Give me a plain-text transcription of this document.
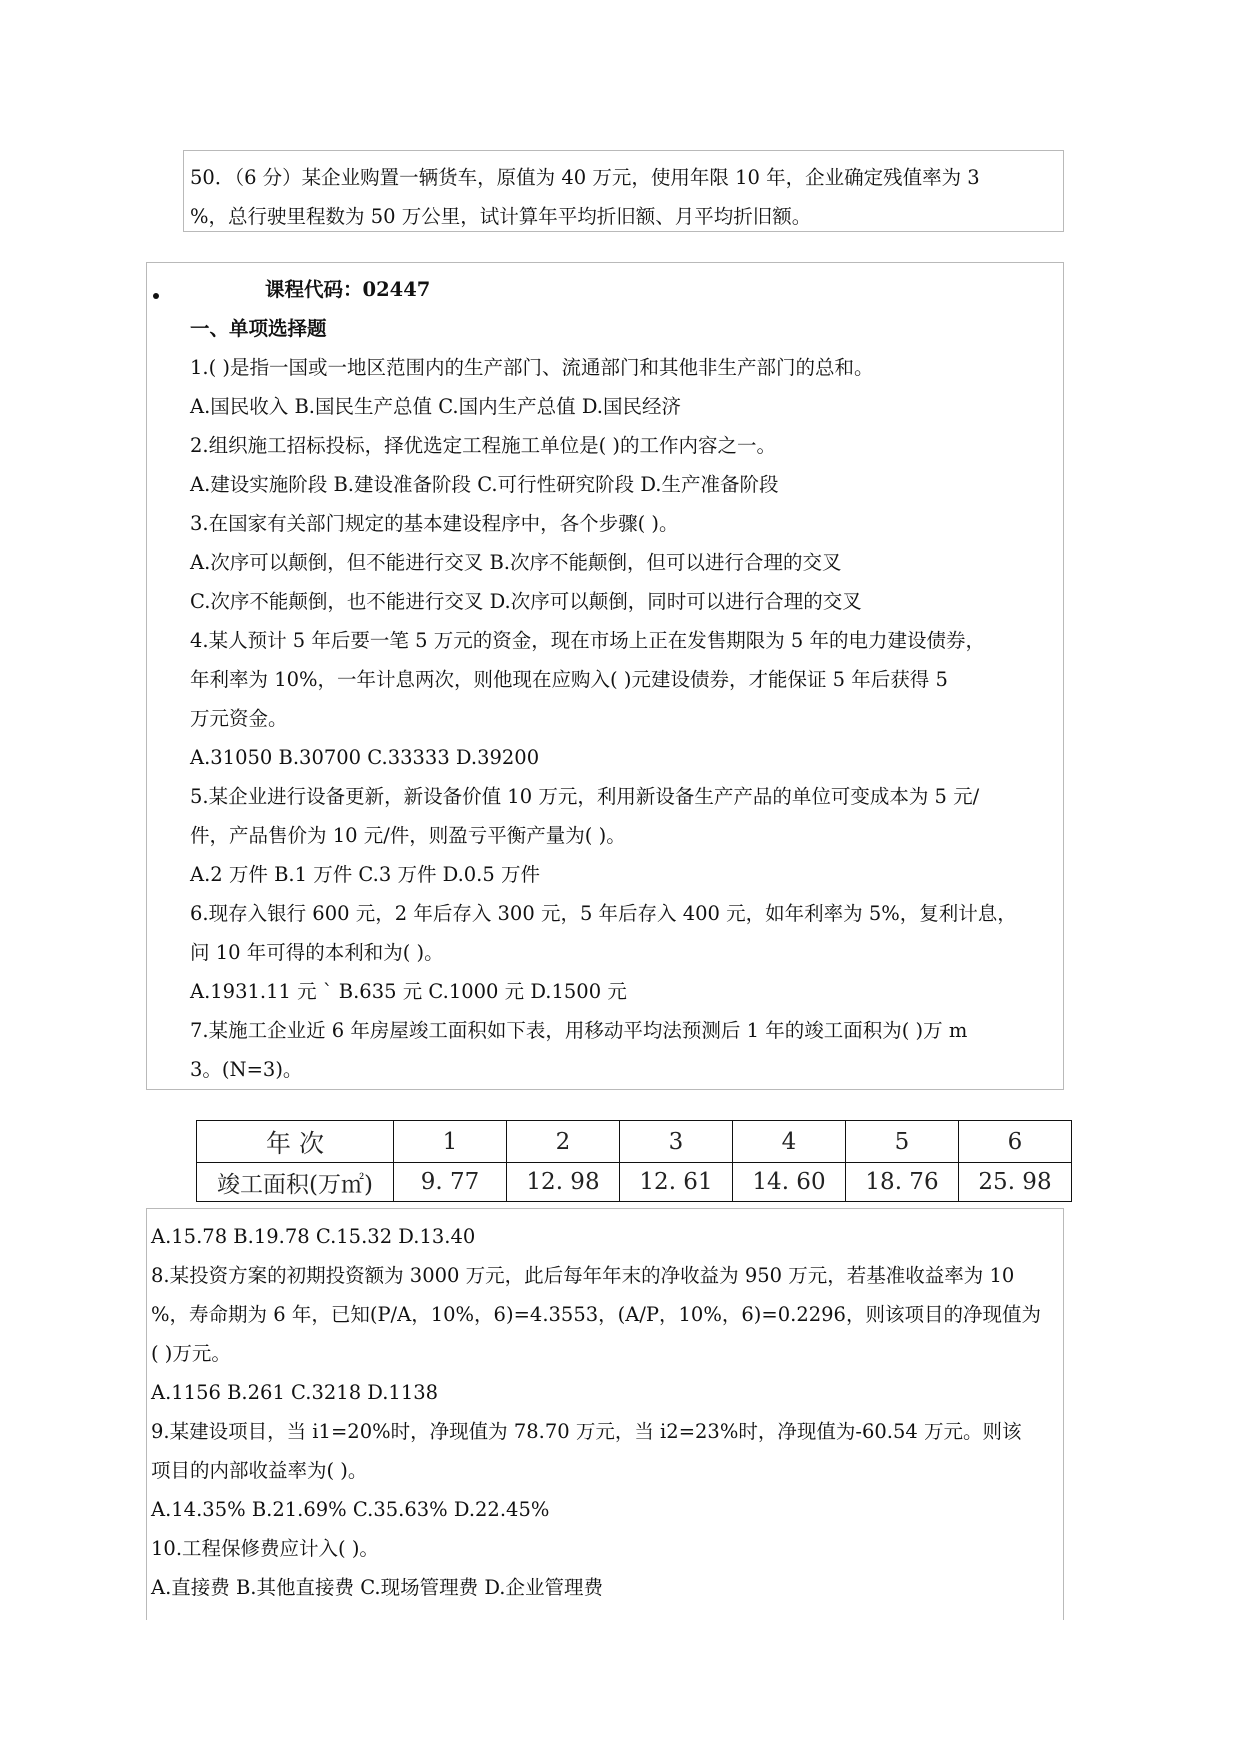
50．（6 分）某企业购置一辆货车，原值为 40 万元，使用年限 10 年，企业确定残值率为 3
%，总行驶里程数为 50 万公里，试计算年平均折旧额、月平均折旧额。
课程代码：02447
一、单项选择题
1.( )是指一国或一地区范围内的生产部门、流通部门和其他非生产部门的总和。
A.国民收入 B.国民生产总值 C.国内生产总值 D.国民经济
2.组织施工招标投标，择优选定工程施工单位是( )的工作内容之一。
A.建设实施阶段 B.建设准备阶段 C.可行性研究阶段 D.生产准备阶段
3.在国家有关部门规定的基本建设程序中，各个步骤( )。
A.次序可以颠倒，但不能进行交叉 B.次序不能颠倒，但可以进行合理的交叉
C.次序不能颠倒，也不能进行交叉 D.次序可以颠倒，同时可以进行合理的交叉
4.某人预计 5 年后要一笔 5 万元的资金，现在市场上正在发售期限为 5 年的电力建设债券，
年利率为 10%，一年计息两次，则他现在应购入( )元建设债券，才能保证 5 年后获得 5
万元资金。
A.31050 B.30700 C.33333 D.39200
5.某企业进行设备更新，新设备价值 10 万元，利用新设备生产产品的单位可变成本为 5 元/
件，产品售价为 10 元/件，则盈亏平衡产量为( )。
A.2 万件 B.1 万件 C.3 万件 D.0.5 万件
6.现存入银行 600 元，2 年后存入 300 元，5 年后存入 400 元，如年利率为 5%，复利计息，
问 10 年可得的本利和为( )。
A.1931.11 元 ` B.635 元 C.1000 元 D.1500 元
7.某施工企业近 6 年房屋竣工面积如下表，用移动平均法预测后 1 年的竣工面积为( )万 m
3。(N=3)。
年 次	1	2	3	4	5	6
竣工面积(万㎡)	9. 77	12. 98	12. 61	14. 60	18. 76	25. 98
A.15.78 B.19.78 C.15.32 D.13.40
8.某投资方案的初期投资额为 3000 万元，此后每年年末的净收益为 950 万元，若基准收益率为 10
%，寿命期为 6 年，已知(P/A，10%，6)=4.3553，(A/P，10%，6)=0.2296，则该项目的净现值为
( )万元。
A.1156 B.261 C.3218 D.1138
9.某建设项目，当 i1=20%时，净现值为 78.70 万元，当 i2=23%时，净现值为-60.54 万元。则该
项目的内部收益率为( )。
A.14.35% B.21.69% C.35.63% D.22.45%
10.工程保修费应计入( )。
A.直接费 B.其他直接费 C.现场管理费 D.企业管理费
